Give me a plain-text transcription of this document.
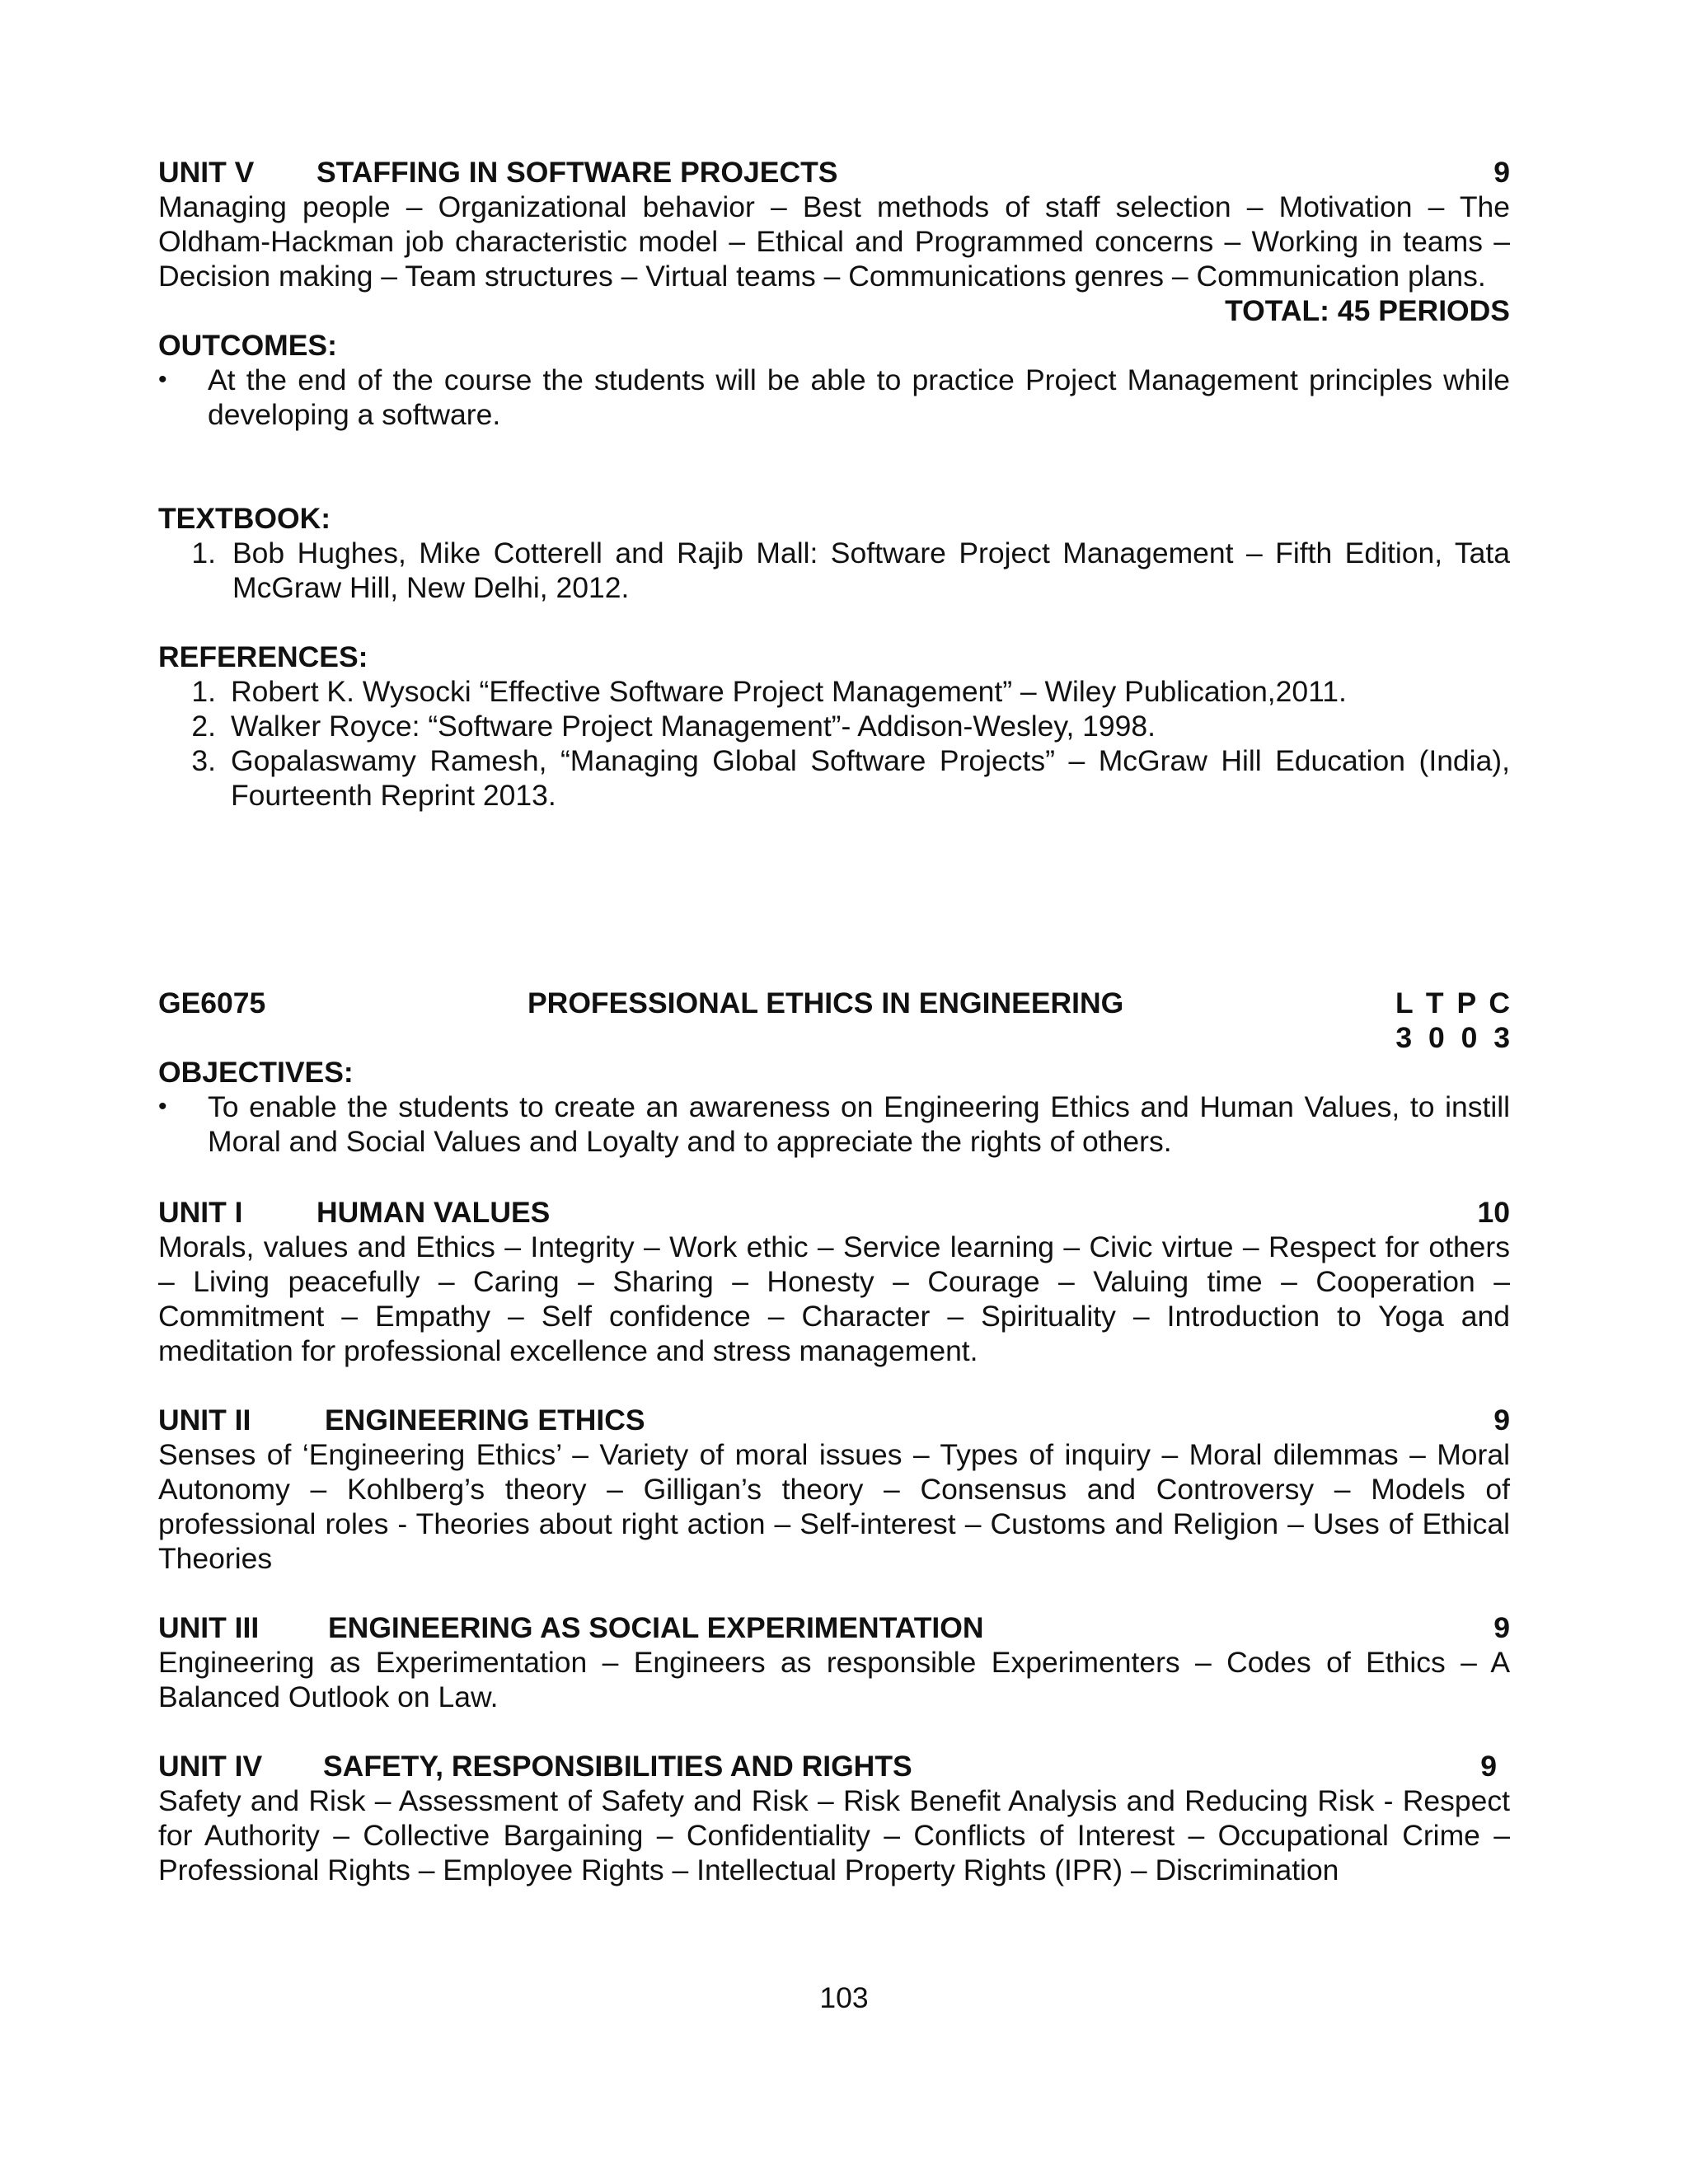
UNIT V	STAFFING IN SOFTWARE PROJECTS	9
Managing people – Organizational behavior – Best methods of staff selection – Motivation – The Oldham-Hackman job characteristic model – Ethical and Programmed concerns – Working in teams – Decision making – Team structures – Virtual teams – Communications genres – Communication plans.
TOTAL: 45 PERIODS
OUTCOMES:
•	At the end of the course the students will be able to practice Project Management principles while developing a software.
TEXTBOOK:
1. Bob Hughes, Mike Cotterell and Rajib Mall: Software Project Management – Fifth Edition, Tata McGraw Hill, New Delhi, 2012.
REFERENCES:
1. Robert K. Wysocki “Effective Software Project Management” – Wiley Publication,2011.
2. Walker Royce: “Software Project Management”- Addison-Wesley, 1998.
3. Gopalaswamy Ramesh, “Managing Global Software Projects” – McGraw Hill Education (India), Fourteenth Reprint 2013.
GE6075	PROFESSIONAL ETHICS IN ENGINEERING	L T P C
3 0 0 3
OBJECTIVES:
•	To enable the students to create an awareness on Engineering Ethics and Human Values, to instill Moral and Social Values and Loyalty and to appreciate the rights of others.
UNIT I	HUMAN VALUES	10
Morals, values and Ethics – Integrity – Work ethic – Service learning – Civic virtue – Respect for others – Living peacefully – Caring – Sharing – Honesty – Courage – Valuing time – Cooperation – Commitment – Empathy – Self confidence – Character – Spirituality – Introduction to Yoga and meditation for professional excellence and stress management.
UNIT II	ENGINEERING ETHICS	9
Senses of ‘Engineering Ethics’ – Variety of moral issues – Types of inquiry – Moral dilemmas – Moral Autonomy – Kohlberg’s theory – Gilligan’s theory – Consensus and Controversy – Models of professional roles - Theories about right action – Self-interest – Customs and Religion – Uses of Ethical Theories
UNIT III	ENGINEERING AS SOCIAL EXPERIMENTATION	9
Engineering as Experimentation – Engineers as responsible Experimenters – Codes of Ethics – A Balanced Outlook on Law.
UNIT IV	SAFETY, RESPONSIBILITIES AND RIGHTS	9
Safety and Risk – Assessment of Safety and Risk – Risk Benefit Analysis and Reducing Risk - Respect for Authority – Collective Bargaining – Confidentiality – Conflicts of Interest – Occupational Crime – Professional Rights – Employee Rights – Intellectual Property Rights (IPR) – Discrimination
103
